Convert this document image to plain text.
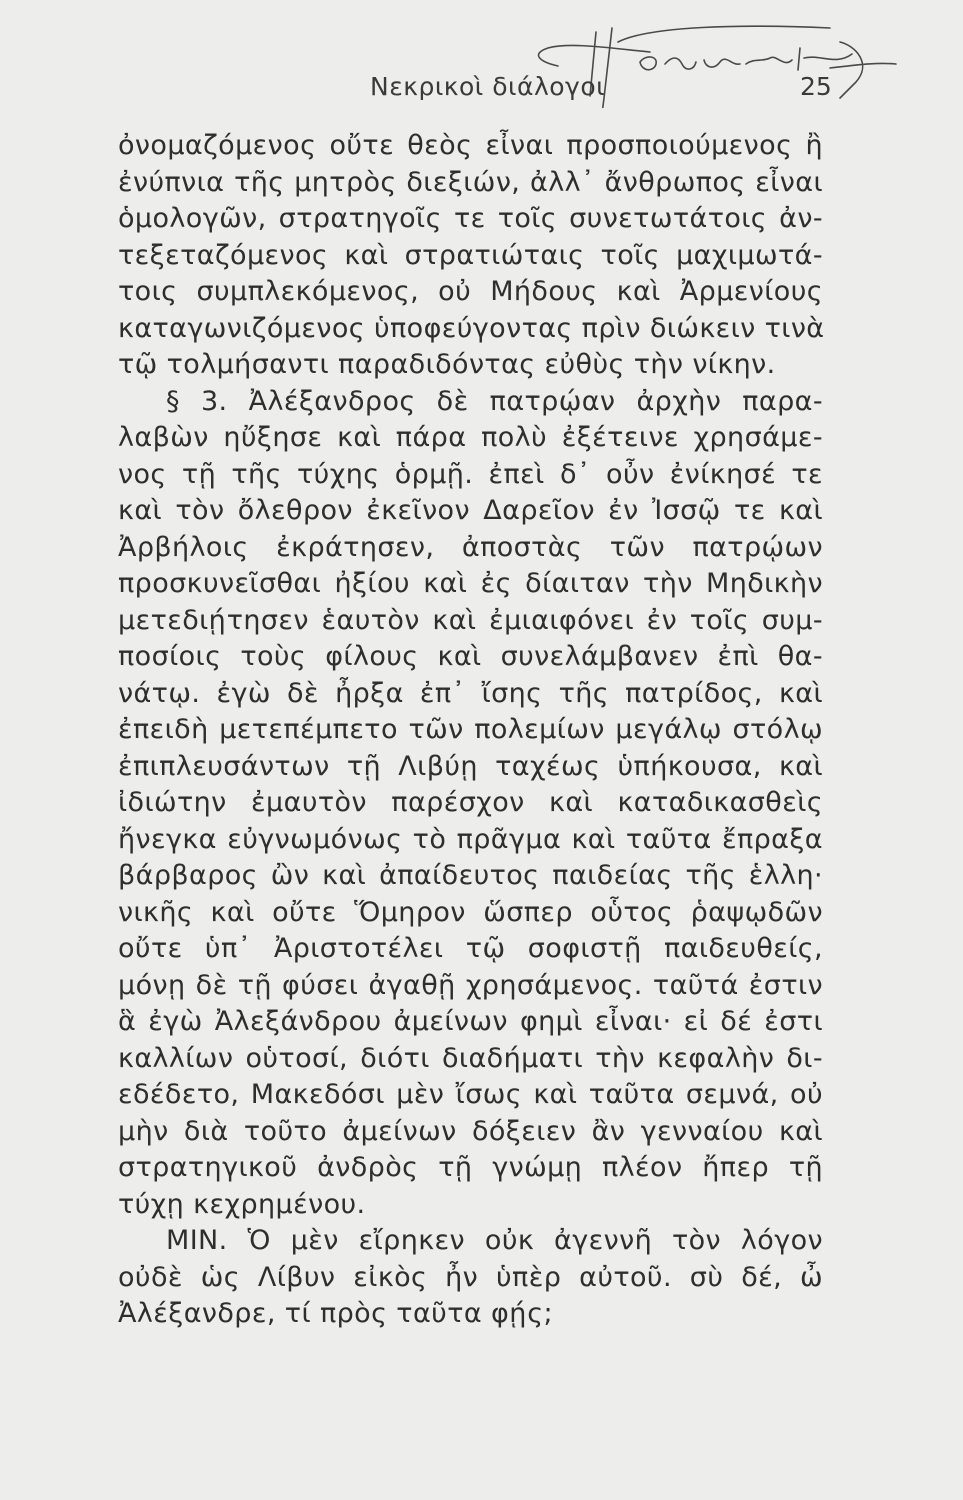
Νεκρικοὶ διάλογοι	25
ὀνομαζόμενος οὔτε θεὸς εἶναι προσποιούμενος ἢ
ἐνύπνια τῆς μητρὸς διεξιών, ἀλλ᾽ ἄνθρωπος εἶναι
ὁμολογῶν, στρατηγοῖς τε τοῖς συνετωτάτοις ἀν-
τεξεταζόμενος καὶ στρατιώταις τοῖς μαχιμωτά-
τοις συμπλεκόμενος, οὐ Μήδους καὶ Ἀρμενίους
καταγωνιζόμενος ὑποφεύγοντας πρὶν διώκειν τινὰ
τῷ τολμήσαντι παραδιδόντας εὐθὺς τὴν νίκην.
§ 3. Ἀλέξανδρος δὲ πατρῴαν ἀρχὴν παρα-
λαβὼν ηὔξησε καὶ πάρα πολὺ ἐξέτεινε χρησάμε-
νος τῇ τῆς τύχης ὁρμῇ. ἐπεὶ δ᾽ οὖν ἐνίκησέ τε
καὶ τὸν ὄλεθρον ἐκεῖνον Δαρεῖον ἐν Ἰσσῷ τε καὶ
Ἀρβήλοις ἐκράτησεν, ἀποστὰς τῶν πατρῴων
προσκυνεῖσθαι ἠξίου καὶ ἐς δίαιταν τὴν Μηδικὴν
μετεδιῄτησεν ἑαυτὸν καὶ ἐμιαιφόνει ἐν τοῖς συμ-
ποσίοις τοὺς φίλους καὶ συνελάμβανεν ἐπὶ θα-
νάτῳ. ἐγὼ δὲ ἦρξα ἐπ᾽ ἴσης τῆς πατρίδος, καὶ
ἐπειδὴ μετεπέμπετο τῶν πολεμίων μεγάλῳ στόλῳ
ἐπιπλευσάντων τῇ Λιβύῃ ταχέως ὑπήκουσα, καὶ
ἰδιώτην ἐμαυτὸν παρέσχον καὶ καταδικασθεὶς
ἤνεγκα εὐγνωμόνως τὸ πρᾶγμα καὶ ταῦτα ἔπραξα
βάρβαρος ὢν καὶ ἀπαίδευτος παιδείας τῆς ἑλλη·
νικῆς καὶ οὔτε Ὅμηρον ὥσπερ οὗτος ῥαψῳδῶν
οὔτε ὑπ᾽ Ἀριστοτέλει τῷ σοφιστῇ παιδευθείς,
μόνῃ δὲ τῇ φύσει ἀγαθῇ χρησάμενος. ταῦτά ἐστιν
ἃ ἐγὼ Ἀλεξάνδρου ἀμείνων φημὶ εἶναι· εἰ δέ ἐστι
καλλίων οὑτοσί, διότι διαδήματι τὴν κεφαλὴν δι-
εδέδετο, Μακεδόσι μὲν ἴσως καὶ ταῦτα σεμνά, οὐ
μὴν διὰ τοῦτο ἀμείνων δόξειεν ἂν γενναίου καὶ
στρατηγικοῦ ἀνδρὸς τῇ γνώμῃ πλέον ἤπερ τῇ
τύχῃ κεχρημένου.
ΜΙΝ. Ὁ μὲν εἴρηκεν οὐκ ἀγεννῆ τὸν λόγον
οὐδὲ ὡς Λίβυν εἰκὸς ἦν ὑπὲρ αὐτοῦ. σὺ δέ, ὦ
Ἀλέξανδρε, τί πρὸς ταῦτα φῄς;
